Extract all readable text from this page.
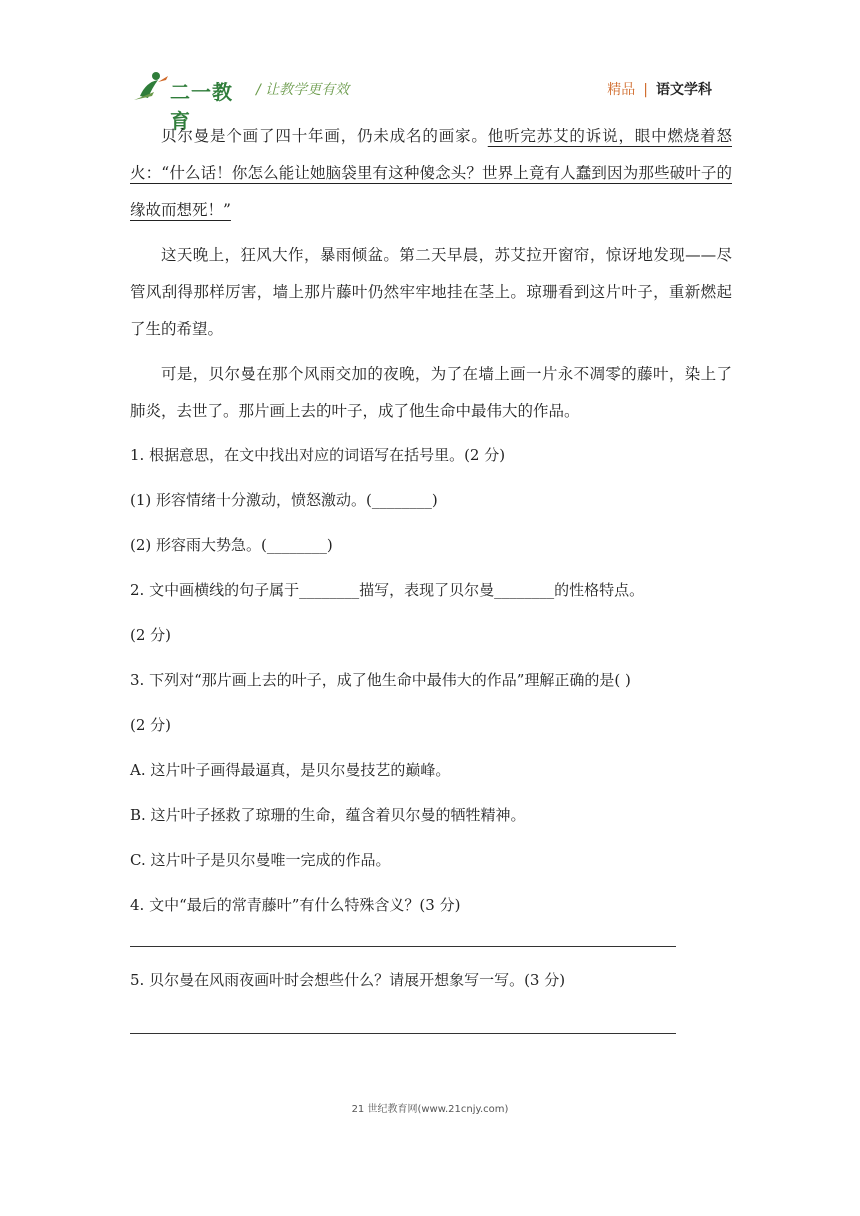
二一教育
/ 让教学更有效	精品 | 语文学科

贝尔曼是个画了四十年画，仍未成名的画家。他听完苏艾的诉说，眼中燃烧着怒火：“什么话！你怎么能让她脑袋里有这种傻念头？世界上竟有人蠢到因为那些破叶子的缘故而想死！”

这天晚上，狂风大作，暴雨倾盆。第二天早晨，苏艾拉开窗帘，惊讶地发现——尽管风刮得那样厉害，墙上那片藤叶仍然牢牢地挂在茎上。琼珊看到这片叶子，重新燃起了生的希望。

可是，贝尔曼在那个风雨交加的夜晚，为了在墙上画一片永不凋零的藤叶，染上了肺炎，去世了。那片画上去的叶子，成了他生命中最伟大的作品。

1. 根据意思，在文中找出对应的词语写在括号里。(2 分)

(1) 形容情绪十分激动，愤怒激动。(________)

(2) 形容雨大势急。(________)

2. 文中画横线的句子属于________描写，表现了贝尔曼________的性格特点。

(2 分)

3. 下列对“那片画上去的叶子，成了他生命中最伟大的作品”理解正确的是( )

(2 分)

A. 这片叶子画得最逼真，是贝尔曼技艺的巅峰。

B. 这片叶子拯救了琼珊的生命，蕴含着贝尔曼的牺牲精神。

C. 这片叶子是贝尔曼唯一完成的作品。

4. 文中“最后的常青藤叶”有什么特殊含义？(3 分)

5. 贝尔曼在风雨夜画叶时会想些什么？请展开想象写一写。(3 分)

21 世纪教育网(www.21cnjy.com)
